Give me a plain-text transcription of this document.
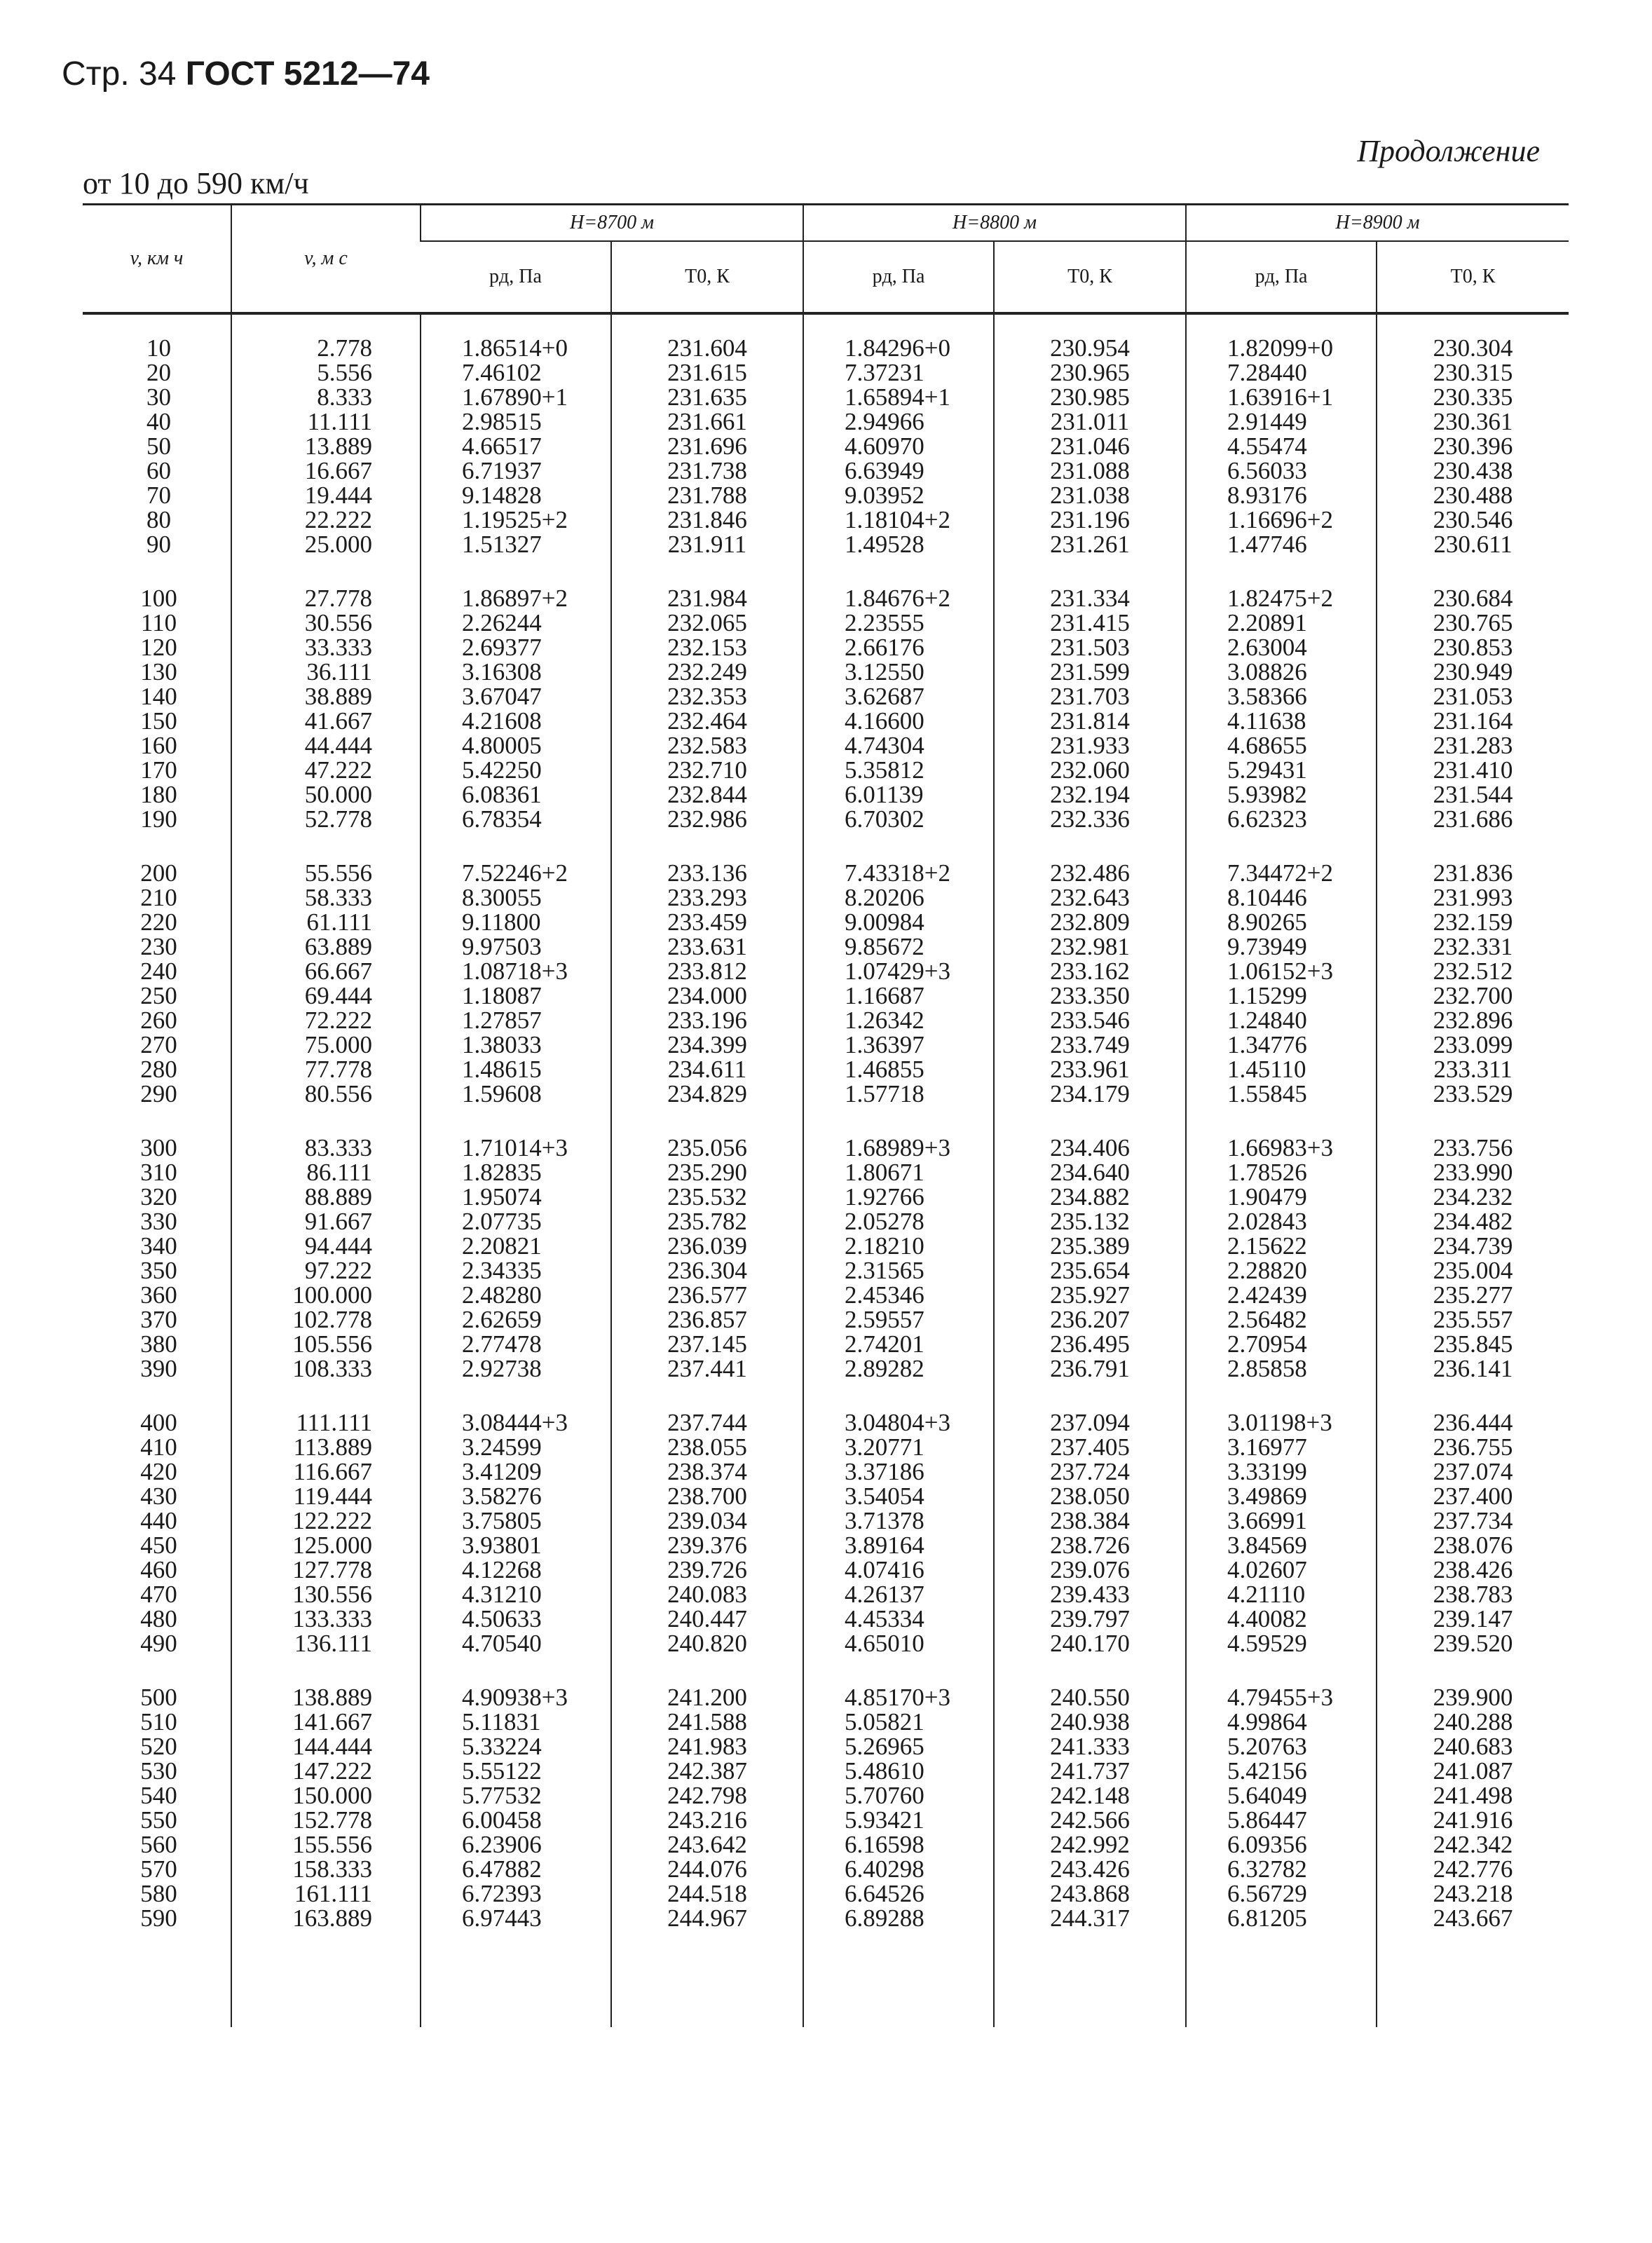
Стр. 34 ГОСТ 5212—74
Продолжение
от 10 до 590 км/ч
v, км ч	v, м с	H=8700 м		H=8800 м		H=8900 м	
		pд, Па	T0, К	pд, Па	T0, К	pд, Па	T0, К

10	2.778	1.86514+0	231.604	1.84296+0	230.954	1.82099+0	230.304
20	5.556	7.46102	231.615	7.37231	230.965	7.28440	230.315
30	8.333	1.67890+1	231.635	1.65894+1	230.985	1.63916+1	230.335
40	11.111	2.98515	231.661	2.94966	231.011	2.91449	230.361
50	13.889	4.66517	231.696	4.60970	231.046	4.55474	230.396
60	16.667	6.71937	231.738	6.63949	231.088	6.56033	230.438
70	19.444	9.14828	231.788	9.03952	231.038	8.93176	230.488
80	22.222	1.19525+2	231.846	1.18104+2	231.196	1.16696+2	230.546
90	25.000	1.51327	231.911	1.49528	231.261	1.47746	230.611

100	27.778	1.86897+2	231.984	1.84676+2	231.334	1.82475+2	230.684
110	30.556	2.26244	232.065	2.23555	231.415	2.20891	230.765
120	33.333	2.69377	232.153	2.66176	231.503	2.63004	230.853
130	36.111	3.16308	232.249	3.12550	231.599	3.08826	230.949
140	38.889	3.67047	232.353	3.62687	231.703	3.58366	231.053
150	41.667	4.21608	232.464	4.16600	231.814	4.11638	231.164
160	44.444	4.80005	232.583	4.74304	231.933	4.68655	231.283
170	47.222	5.42250	232.710	5.35812	232.060	5.29431	231.410
180	50.000	6.08361	232.844	6.01139	232.194	5.93982	231.544
190	52.778	6.78354	232.986	6.70302	232.336	6.62323	231.686

200	55.556	7.52246+2	233.136	7.43318+2	232.486	7.34472+2	231.836
210	58.333	8.30055	233.293	8.20206	232.643	8.10446	231.993
220	61.111	9.11800	233.459	9.00984	232.809	8.90265	232.159
230	63.889	9.97503	233.631	9.85672	232.981	9.73949	232.331
240	66.667	1.08718+3	233.812	1.07429+3	233.162	1.06152+3	232.512
250	69.444	1.18087	234.000	1.16687	233.350	1.15299	232.700
260	72.222	1.27857	233.196	1.26342	233.546	1.24840	232.896
270	75.000	1.38033	234.399	1.36397	233.749	1.34776	233.099
280	77.778	1.48615	234.611	1.46855	233.961	1.45110	233.311
290	80.556	1.59608	234.829	1.57718	234.179	1.55845	233.529

300	83.333	1.71014+3	235.056	1.68989+3	234.406	1.66983+3	233.756
310	86.111	1.82835	235.290	1.80671	234.640	1.78526	233.990
320	88.889	1.95074	235.532	1.92766	234.882	1.90479	234.232
330	91.667	2.07735	235.782	2.05278	235.132	2.02843	234.482
340	94.444	2.20821	236.039	2.18210	235.389	2.15622	234.739
350	97.222	2.34335	236.304	2.31565	235.654	2.28820	235.004
360	100.000	2.48280	236.577	2.45346	235.927	2.42439	235.277
370	102.778	2.62659	236.857	2.59557	236.207	2.56482	235.557
380	105.556	2.77478	237.145	2.74201	236.495	2.70954	235.845
390	108.333	2.92738	237.441	2.89282	236.791	2.85858	236.141

400	111.111	3.08444+3	237.744	3.04804+3	237.094	3.01198+3	236.444
410	113.889	3.24599	238.055	3.20771	237.405	3.16977	236.755
420	116.667	3.41209	238.374	3.37186	237.724	3.33199	237.074
430	119.444	3.58276	238.700	3.54054	238.050	3.49869	237.400
440	122.222	3.75805	239.034	3.71378	238.384	3.66991	237.734
450	125.000	3.93801	239.376	3.89164	238.726	3.84569	238.076
460	127.778	4.12268	239.726	4.07416	239.076	4.02607	238.426
470	130.556	4.31210	240.083	4.26137	239.433	4.21110	238.783
480	133.333	4.50633	240.447	4.45334	239.797	4.40082	239.147
490	136.111	4.70540	240.820	4.65010	240.170	4.59529	239.520

500	138.889	4.90938+3	241.200	4.85170+3	240.550	4.79455+3	239.900
510	141.667	5.11831	241.588	5.05821	240.938	4.99864	240.288
520	144.444	5.33224	241.983	5.26965	241.333	5.20763	240.683
530	147.222	5.55122	242.387	5.48610	241.737	5.42156	241.087
540	150.000	5.77532	242.798	5.70760	242.148	5.64049	241.498
550	152.778	6.00458	243.216	5.93421	242.566	5.86447	241.916
560	155.556	6.23906	243.642	6.16598	242.992	6.09356	242.342
570	158.333	6.47882	244.076	6.40298	243.426	6.32782	242.776
580	161.111	6.72393	244.518	6.64526	243.868	6.56729	243.218
590	163.889	6.97443	244.967	6.89288	244.317	6.81205	243.667
